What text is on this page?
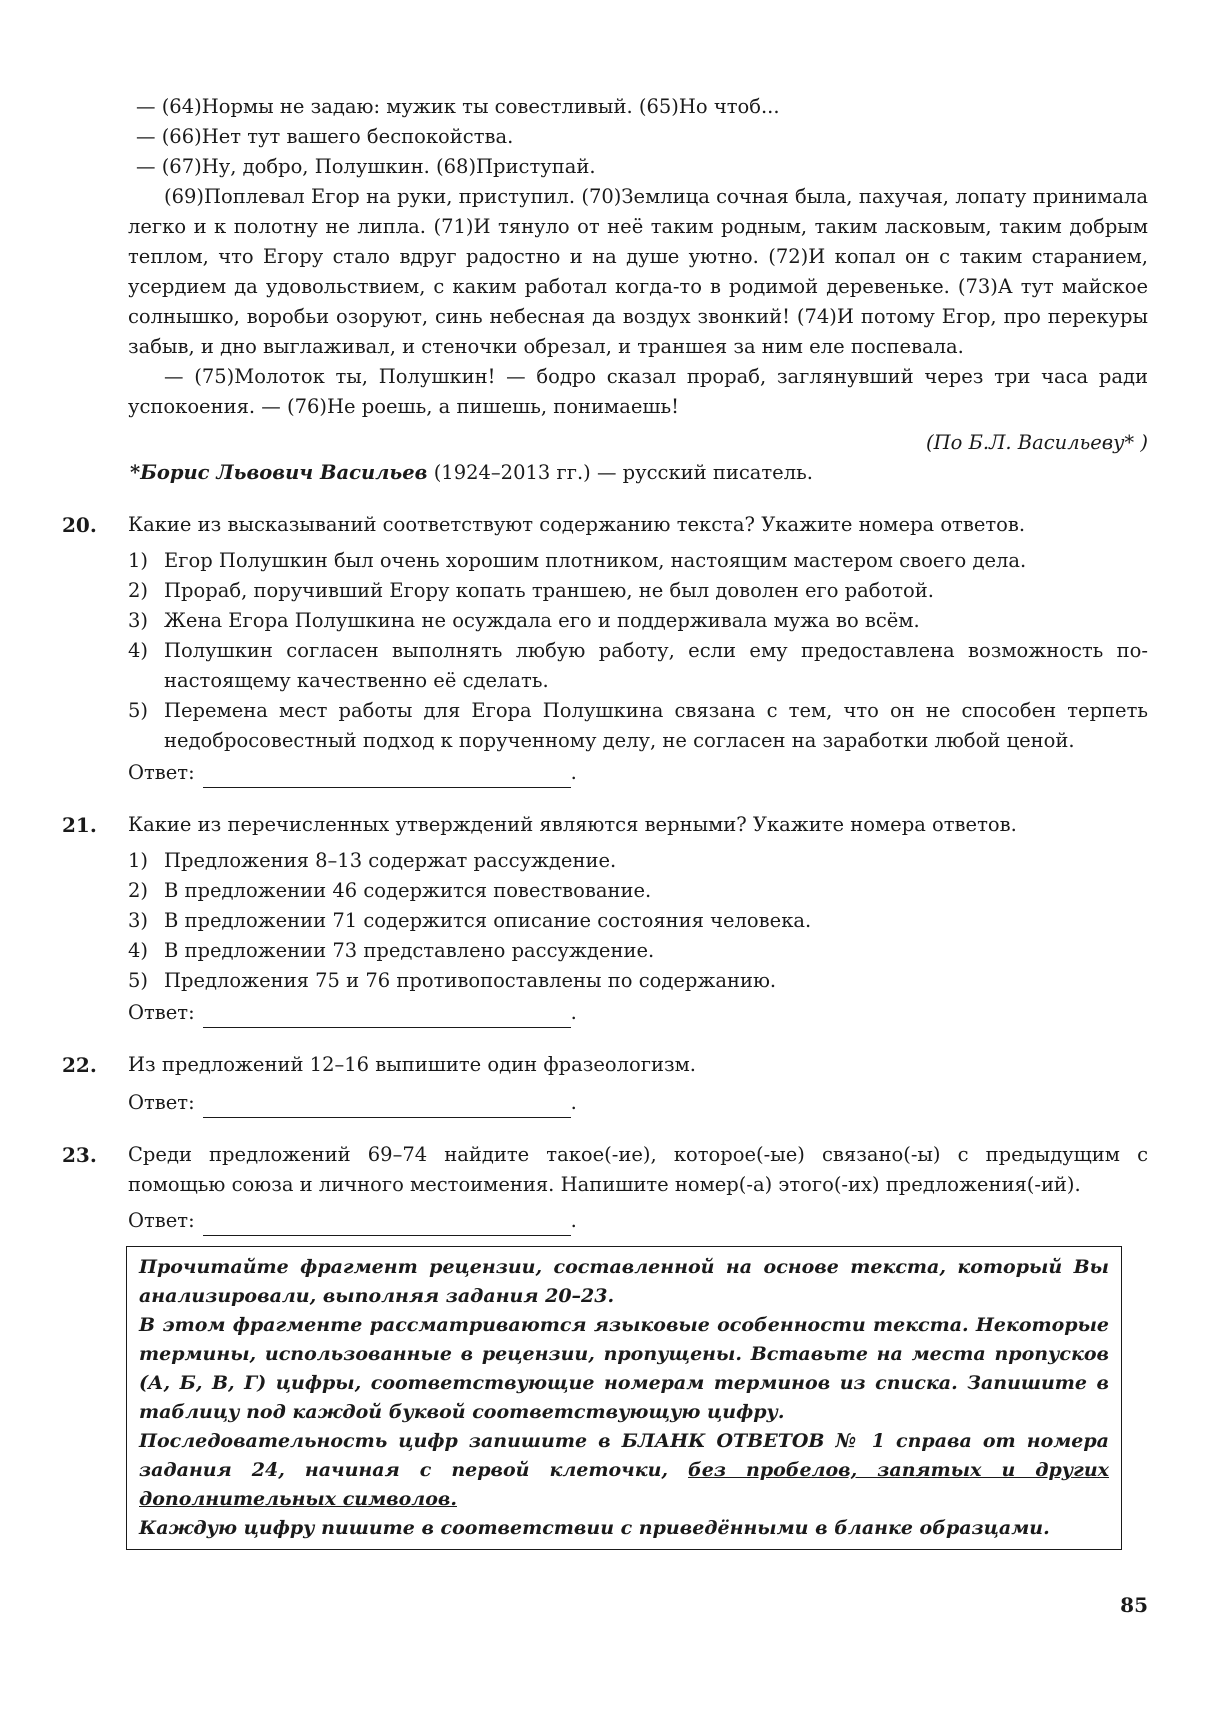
— (64)Нормы не задаю: мужик ты совестливый. (65)Но чтоб...

— (66)Нет тут вашего беспокойства.

— (67)Ну, добро, Полушкин. (68)Приступай.

(69)Поплевал Егор на руки, приступил. (70)Землица сочная была, пахучая, лопату принимала легко и к полотну не липла. (71)И тянуло от неё таким родным, таким ласковым, таким добрым теплом, что Егору стало вдруг радостно и на душе уютно. (72)И копал он с таким старанием, усердием да удовольствием, с каким работал когда-то в родимой деревеньке. (73)А тут майское солнышко, воробьи озоруют, синь небесная да воздух звонкий! (74)И потому Егор, про перекуры забыв, и дно выглаживал, и стеночки обрезал, и траншея за ним еле поспевала.

— (75)Молоток ты, Полушкин! — бодро сказал прораб, заглянувший через три часа ради успокоения. — (76)Не роешь, а пишешь, понимаешь!

(По Б.Л. Васильеву* )

*Борис Львович Васильев (1924–2013 гг.) — русский писатель.

20. Какие из высказываний соответствуют содержанию текста? Укажите номера ответов.

1) Егор Полушкин был очень хорошим плотником, настоящим мастером своего дела.
2) Прораб, поручивший Егору копать траншею, не был доволен его работой.
3) Жена Егора Полушкина не осуждала его и поддерживала мужа во всём.
4) Полушкин согласен выполнять любую работу, если ему предоставлена возможность по-настоящему качественно её сделать.
5) Перемена мест работы для Егора Полушкина связана с тем, что он не способен терпеть недобросовестный подход к порученному делу, не согласен на заработки любой ценой.
Ответ:	.
21. Какие из перечисленных утверждений являются верными? Укажите номера ответов.

1) Предложения 8–13 содержат рассуждение.
2) В предложении 46 содержится повествование.
3) В предложении 71 содержится описание состояния человека.
4) В предложении 73 представлено рассуждение.
5) Предложения 75 и 76 противопоставлены по содержанию.
Ответ:	.
22. Из предложений 12–16 выпишите один фразеологизм.

Ответ:	.
23. Среди предложений 69–74 найдите такое(-ие), которое(-ые) связано(-ы) с предыдущим с помощью союза и личного местоимения. Напишите номер(-а) этого(-их) предложения(-ий).

Ответ:	.

Прочитайте фрагмент рецензии, составленной на основе текста, который Вы анализировали, выполняя задания 20–23.

В этом фрагменте рассматриваются языковые особенности текста. Некоторые термины, использованные в рецензии, пропущены. Вставьте на места пропусков (А, Б, В, Г) цифры, соответствующие номерам терминов из списка. Запишите в таблицу под каждой буквой соответствующую цифру.

Последовательность цифр запишите в БЛАНК ОТВЕТОВ № 1 справа от номера задания 24, начиная с первой клеточки, без пробелов, запятых и других дополнительных символов.

Каждую цифру пишите в соответствии с приведёнными в бланке образцами.

85
